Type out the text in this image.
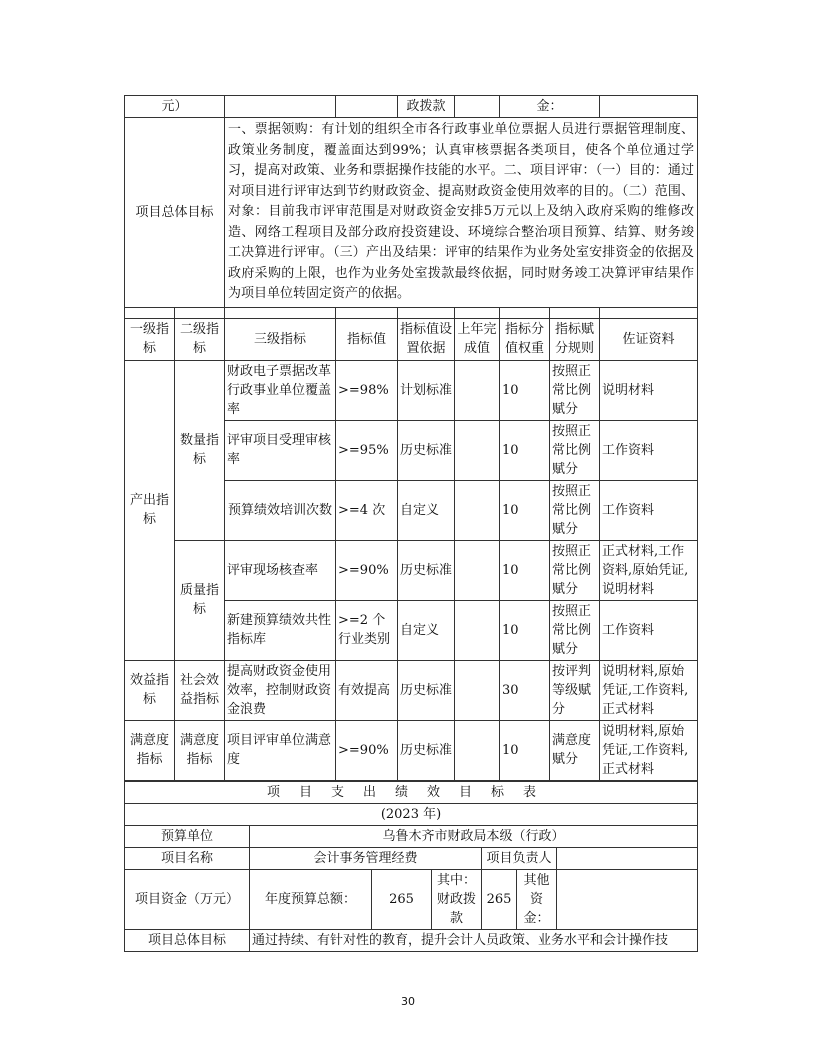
元）				政拨款		金：		
项目总体目标		一、票据领购：有计划的组织全市各行政事业单位票据人员进行票据管理制度、政策业务制度，覆盖面达到99%；认真审核票据各类项目，使各个单位通过学习，提高对政策、业务和票据操作技能的水平。二、项目评审：（一）目的：通过对项目进行评审达到节约财政资金、提高财政资金使用效率的目的。（二）范围、对象：目前我市评审范围是对财政资金安排5万元以上及纳入政府采购的维修改造、网络工程项目及部分政府投资建设、环境综合整治项目预算、结算、财务竣工决算进行评审。（三）产出及结果：评审的结果作为业务处室安排资金的依据及政府采购的上限，也作为业务处室拨款最终依据，同时财务竣工决算评审结果作为项目单位转固定资产的依据。						

一级指标	二级指标	三级指标	指标值	指标值设置依据	上年完成值	指标分值权重	指标赋分规则	佐证资料
产出指标	数量指标	财政电子票据改革行政事业单位覆盖率	>=98%	计划标准		10	按照正常比例赋分	说明材料
		评审项目受理审核率	>=95%	历史标准		10	按照正常比例赋分	工作资料
		预算绩效培训次数	>=4 次	自定义		10	按照正常比例赋分	工作资料
	质量指标	评审现场核查率	>=90%	历史标准		10	按照正常比例赋分	正式材料,工作资料,原始凭证,说明材料
		新建预算绩效共性指标库	>=2 个行业类别	自定义		10	按照正常比例赋分	工作资料
效益指标	社会效益指标	提高财政资金使用效率，控制财政资金浪费	有效提高	历史标准		30	按评判等级赋分	说明材料,原始凭证,工作资料,正式材料
满意度指标	满意度指标	项目评审单位满意度	>=90%	历史标准		10	满意度赋分	说明材料,原始凭证,工作资料,正式材料
项目支出绩效目标表						
(2023 年)						
预算单位	乌鲁木齐市财政局本级（行政）					
项目名称	会计事务管理经费			项目负责人		
项目资金（万元）	年度预算总额：	265	其中：财政拨款	265	其他资金：	
项目总体目标	通过持续、有针对性的教育，提升会计人员政策、业务水平和会计操作技					
30
